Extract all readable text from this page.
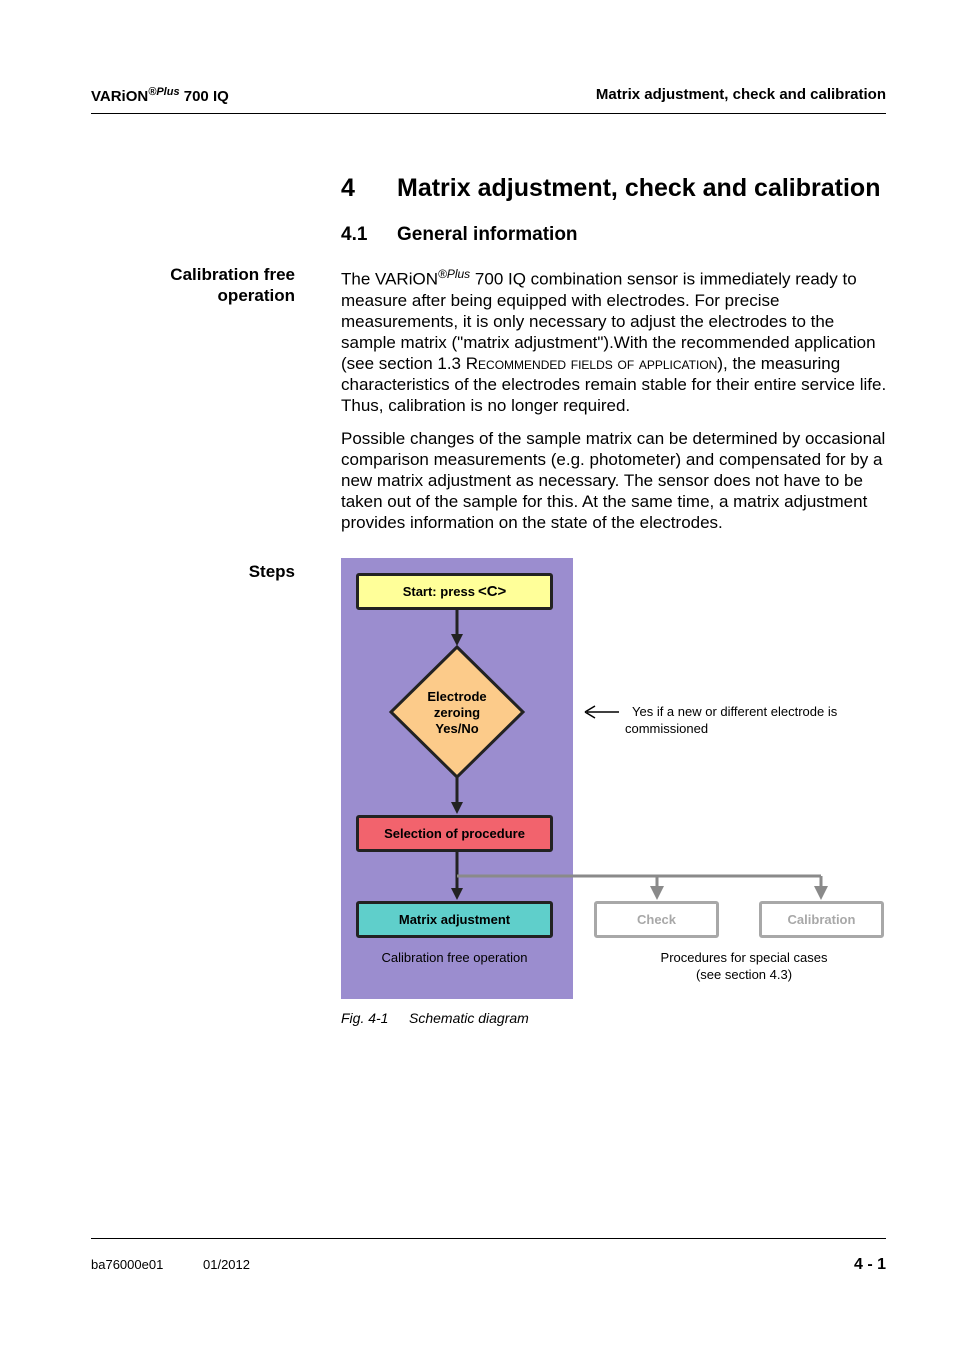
VARiON$^{®Plus}$ 700 IQ	Matrix adjustment, check and calibration
4 Matrix adjustment, check and calibration
4.1 General information
Calibration free
operation
The VARiON$^{®Plus}$ 700 IQ combination sensor is immediately ready to measure after being equipped with electrodes. For precise measurements, it is only necessary to adjust the electrodes to the sample matrix ("matrix adjustment").With the recommended application (see section 1.3 Recommended fields of application), the measuring characteristics of the electrodes remain stable for their entire service life. Thus, calibration is no longer required.
Possible changes of the sample matrix can be determined by occasional comparison measurements (e.g. photometer) and compensated for by a new matrix adjustment as necessary. The sensor does not have to be taken out of the sample for this. At the same time, a matrix adjustment provides information on the state of the electrodes.
Steps
Start: press <C>
Electrode
zeroing
Yes/No
Selection of procedure
Matrix adjustment	Check	Calibration
Yes if a new or different electrode is
commissioned
Calibration free operation	Procedures for special cases
(see section 4.3)
Fig. 4-1 Schematic diagram
ba76000e01	01/2012	4 - 1
